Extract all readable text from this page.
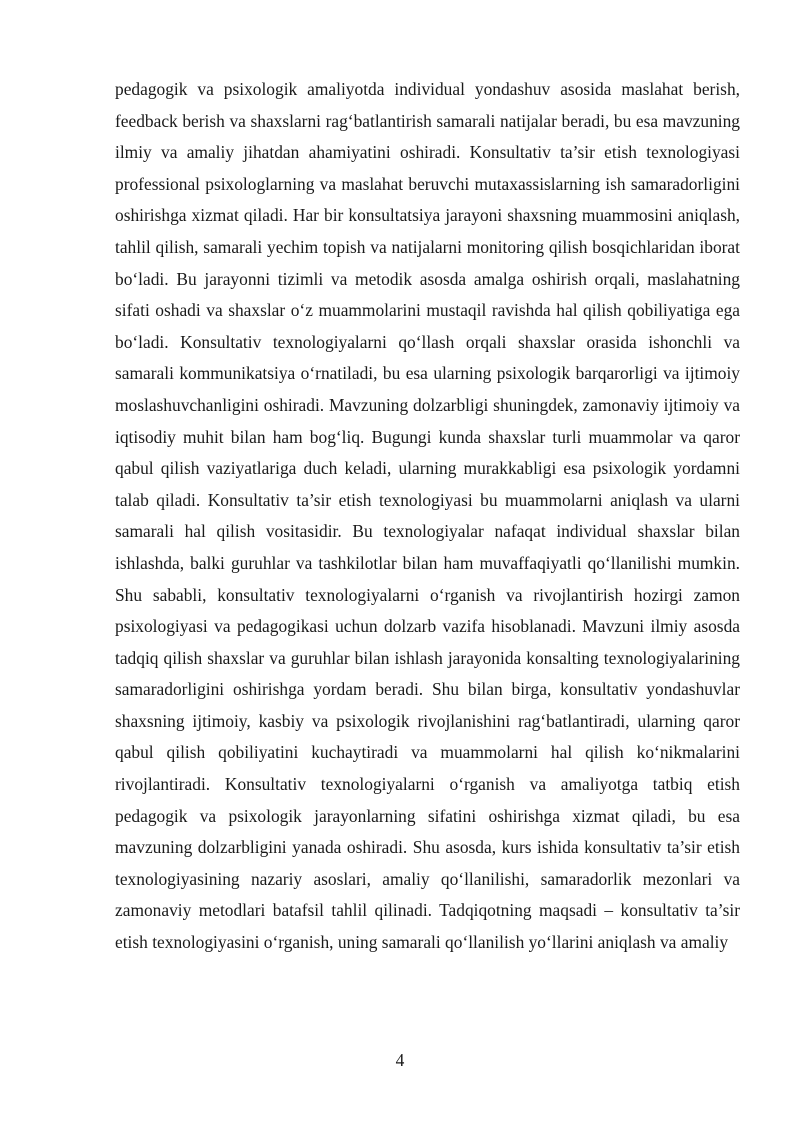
pedagogik va psixologik amaliyotda individual yondashuv asosida maslahat berish, feedback berish va shaxslarni rag‘batlantirish samarali natijalar beradi, bu esa mavzuning ilmiy va amaliy jihatdan ahamiyatini oshiradi. Konsultativ ta’sir etish texnologiyasi professional psixologlarning va maslahat beruvchi mutaxassislarning ish samaradorligini oshirishga xizmat qiladi. Har bir konsultatsiya jarayoni shaxsning muammosini aniqlash, tahlil qilish, samarali yechim topish va natijalarni monitoring qilish bosqichlaridan iborat bo‘ladi. Bu jarayonni tizimli va metodik asosda amalga oshirish orqali, maslahatning sifati oshadi va shaxslar o‘z muammolarini mustaqil ravishda hal qilish qobiliyatiga ega bo‘ladi. Konsultativ texnologiyalarni qo‘llash orqali shaxslar orasida ishonchli va samarali kommunikatsiya o‘rnatiladi, bu esa ularning psixologik barqarorligi va ijtimoiy moslashuvchanligini oshiradi. Mavzuning dolzarbligi shuningdek, zamonaviy ijtimoiy va iqtisodiy muhit bilan ham bog‘liq. Bugungi kunda shaxslar turli muammolar va qaror qabul qilish vaziyatlariga duch keladi, ularning murakkabligi esa psixologik yordamni talab qiladi. Konsultativ ta’sir etish texnologiyasi bu muammolarni aniqlash va ularni samarali hal qilish vositasidir. Bu texnologiyalar nafaqat individual shaxslar bilan ishlashda, balki guruhlar va tashkilotlar bilan ham muvaffaqiyatli qo‘llanilishi mumkin. Shu sababli, konsultativ texnologiyalarni o‘rganish va rivojlantirish hozirgi zamon psixologiyasi va pedagogikasi uchun dolzarb vazifa hisoblanadi. Mavzuni ilmiy asosda tadqiq qilish shaxslar va guruhlar bilan ishlash jarayonida konsalting texnologiyalarining samaradorligini oshirishga yordam beradi. Shu bilan birga, konsultativ yondashuvlar shaxsning ijtimoiy, kasbiy va psixologik rivojlanishini rag‘batlantiradi, ularning qaror qabul qilish qobiliyatini kuchaytiradi va muammolarni hal qilish ko‘nikmalarini rivojlantiradi. Konsultativ texnologiyalarni o‘rganish va amaliyotga tatbiq etish pedagogik va psixologik jarayonlarning sifatini oshirishga xizmat qiladi, bu esa mavzuning dolzarbligini yanada oshiradi. Shu asosda, kurs ishida konsultativ ta’sir etish texnologiyasining nazariy asoslari, amaliy qo‘llanilishi, samaradorlik mezonlari va zamonaviy metodlari batafsil tahlil qilinadi. Tadqiqotning maqsadi – konsultativ ta’sir etish texnologiyasini o‘rganish, uning samarali qo‘llanilish yo‘llarini aniqlash va amaliy

4
